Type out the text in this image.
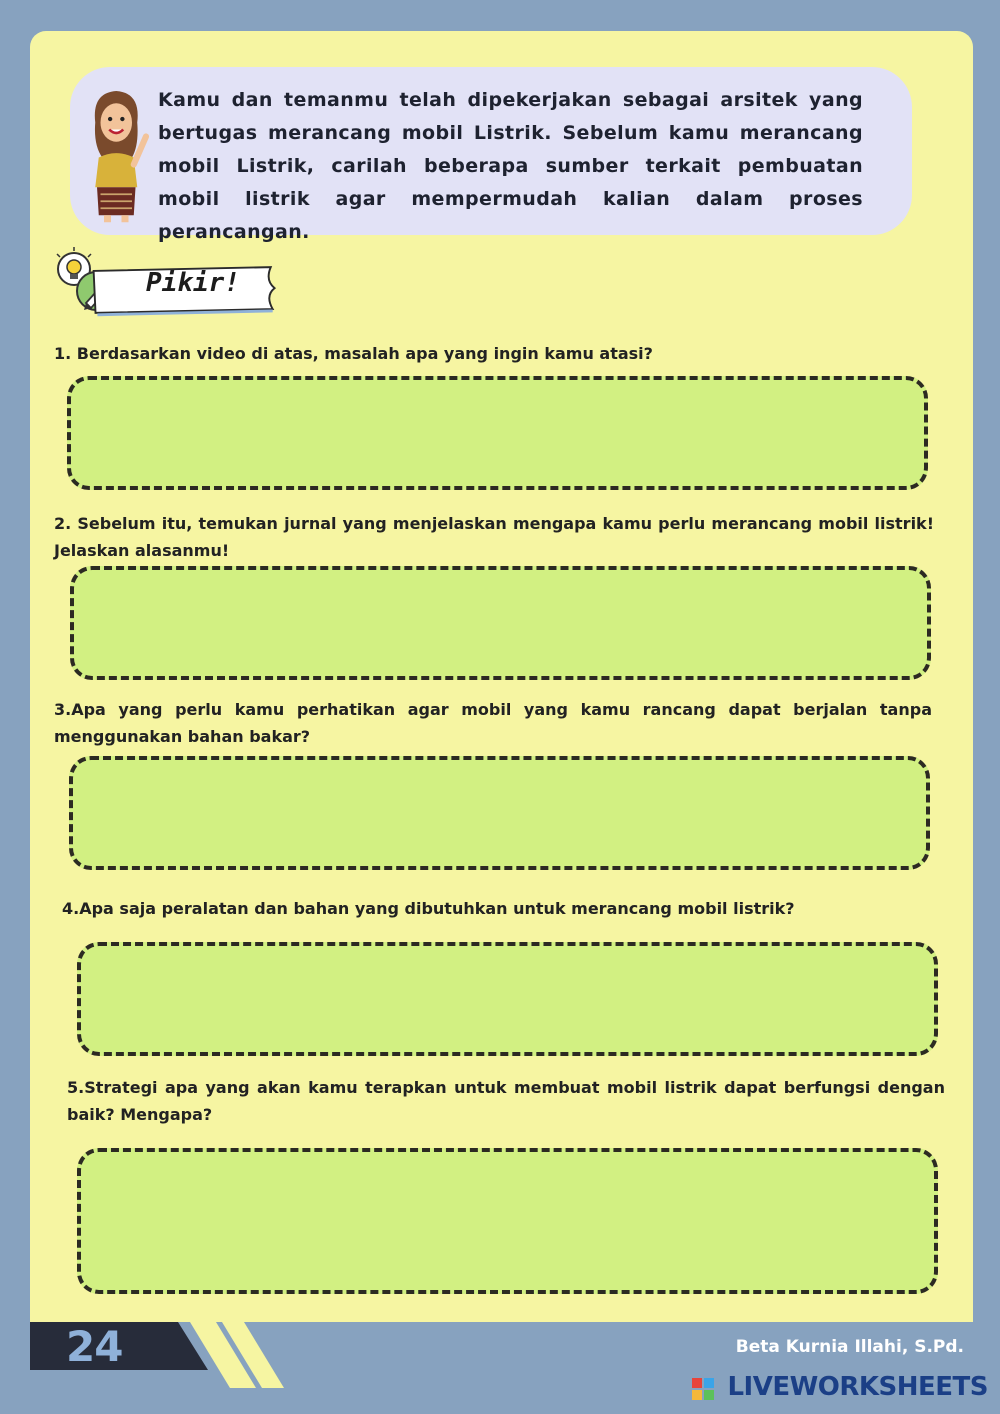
Kamu dan temanmu telah dipekerjakan sebagai arsitek yang bertugas merancang mobil Listrik. Sebelum kamu merancang mobil Listrik, carilah beberapa sumber terkait pembuatan mobil listrik agar mempermudah kalian dalam proses perancangan.
Pikir!
1. Berdasarkan video di atas, masalah apa yang ingin kamu atasi?
2. Sebelum itu, temukan jurnal yang menjelaskan mengapa kamu perlu merancang mobil listrik! Jelaskan alasanmu!
3.Apa yang perlu kamu perhatikan agar mobil yang kamu rancang dapat berjalan tanpa menggunakan bahan bakar?
4.Apa saja peralatan dan bahan yang dibutuhkan untuk merancang mobil listrik?
5.Strategi apa yang akan kamu terapkan untuk membuat mobil listrik dapat berfungsi dengan baik? Mengapa?
24	Beta Kurnia Illahi, S.Pd.
LIVEWORKSHEETS
